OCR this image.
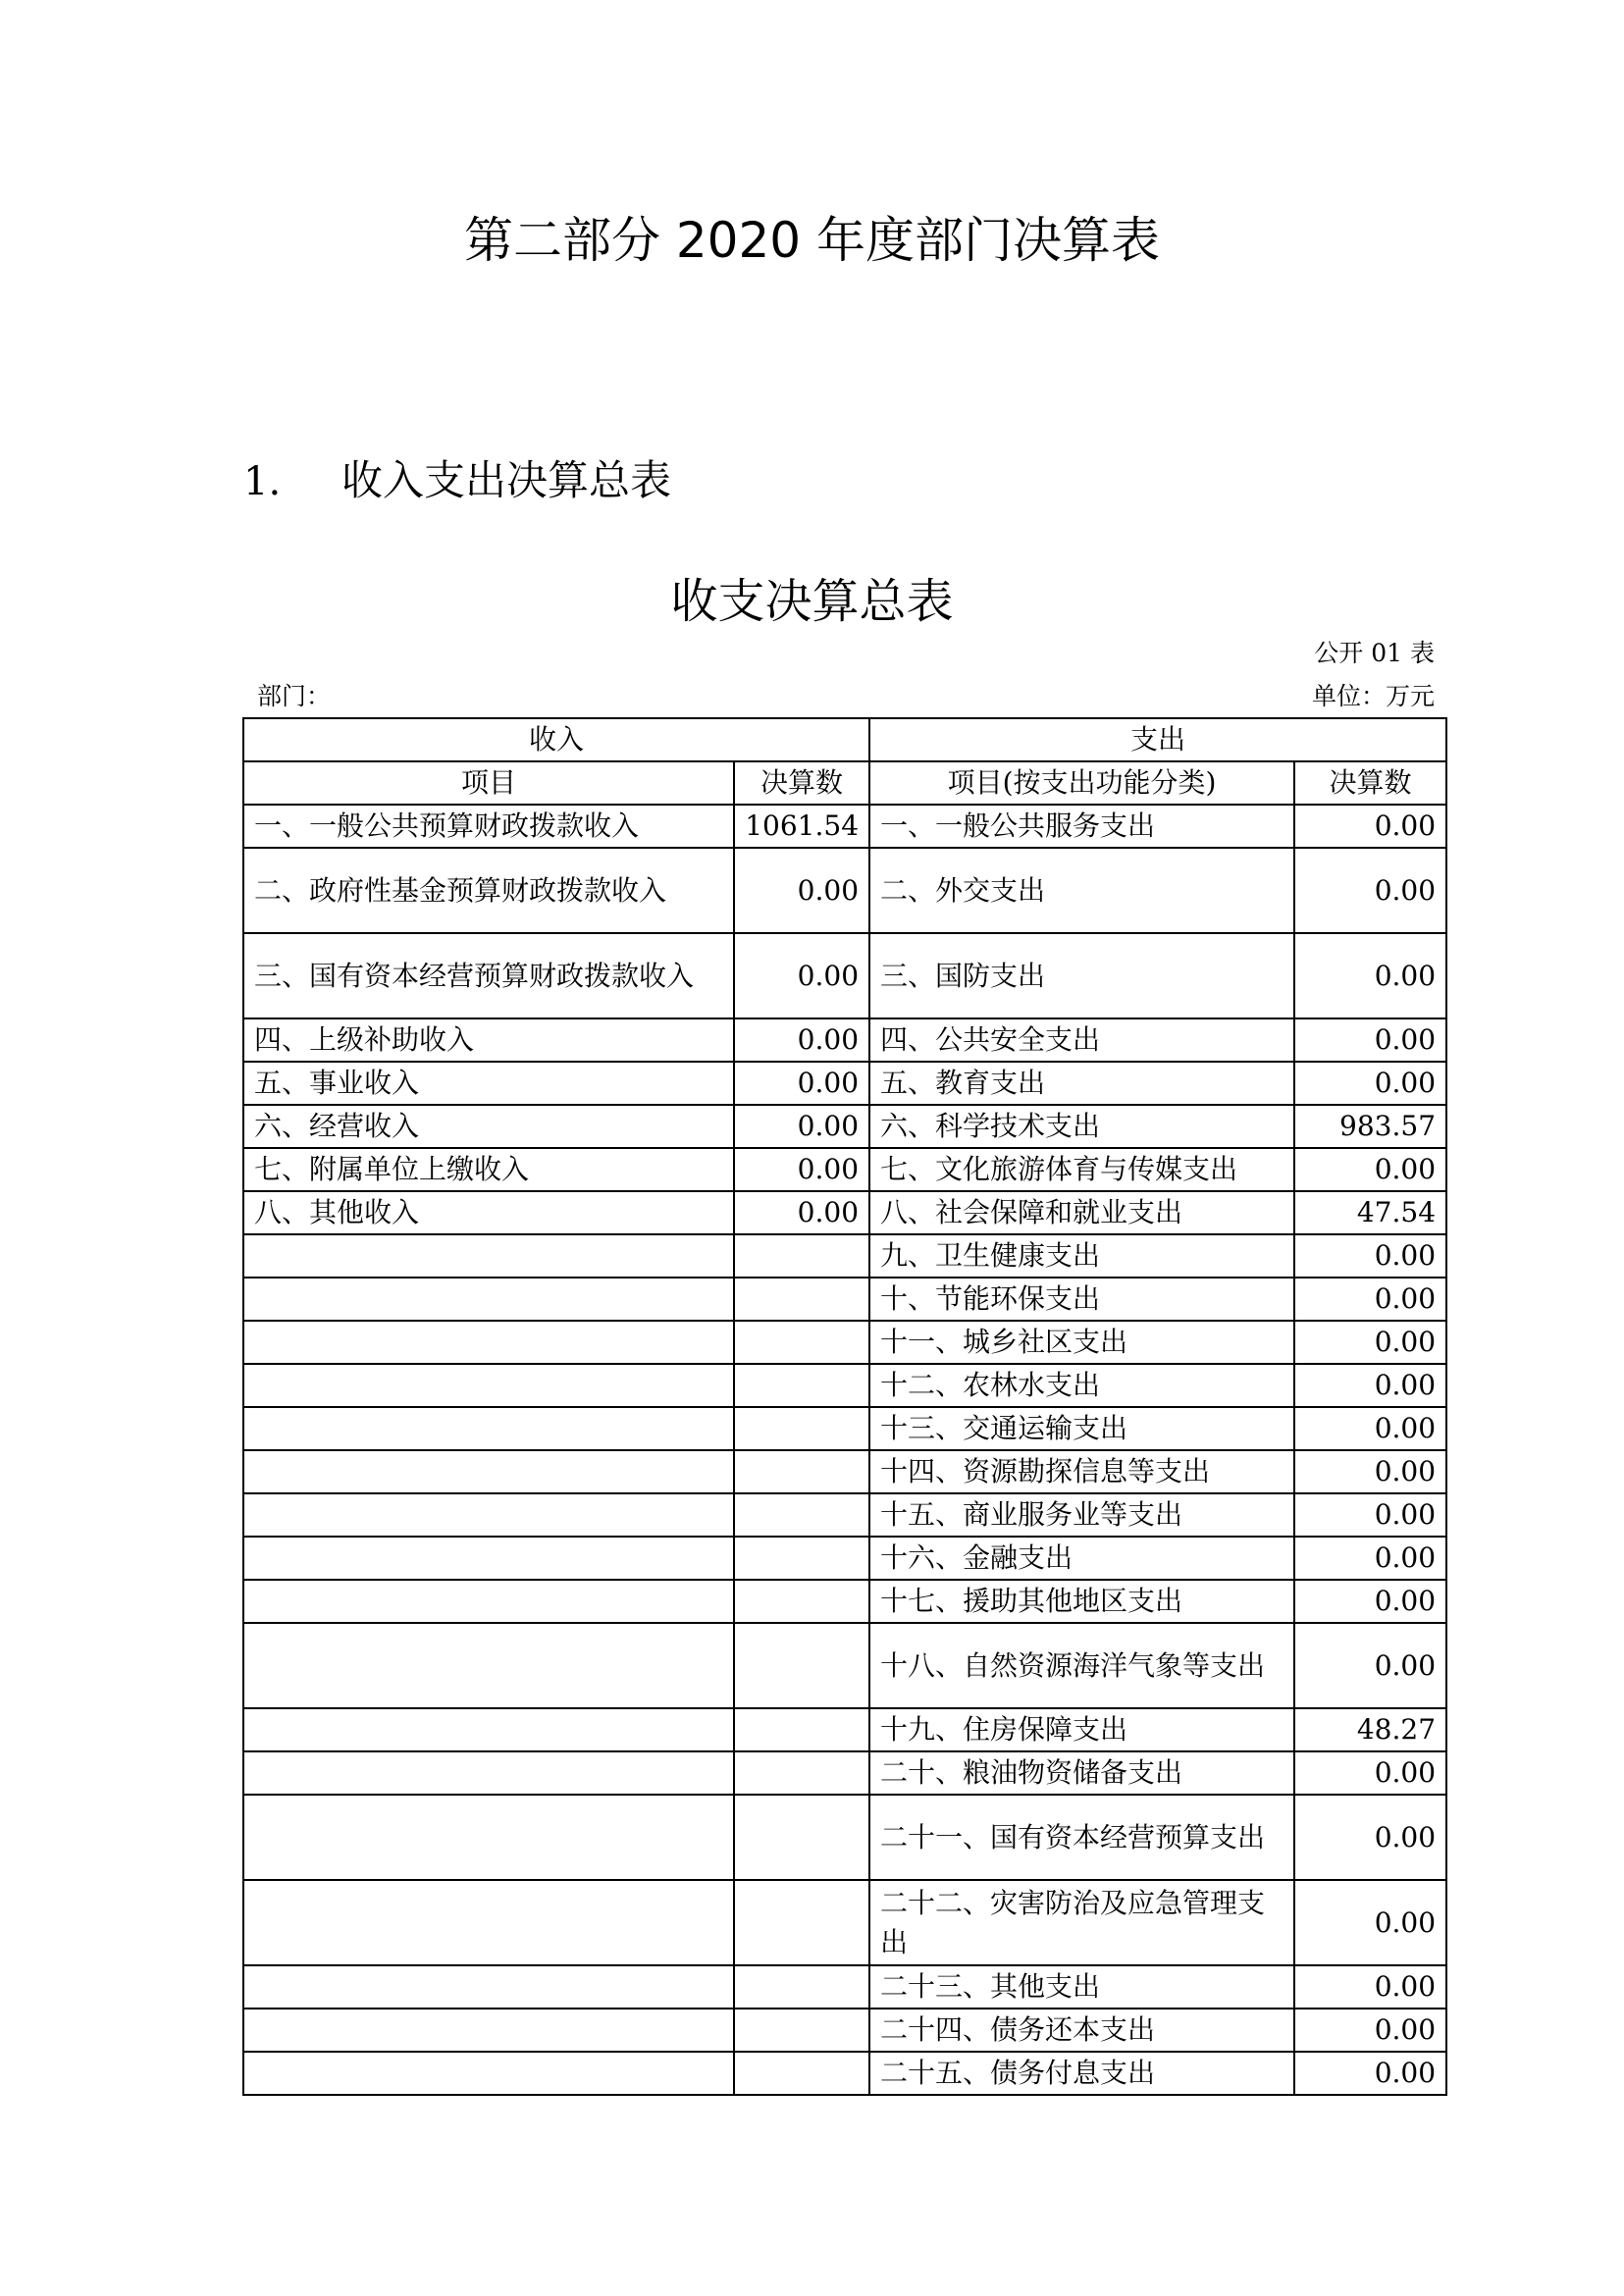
第二部分 2020 年度部门决算表
1. 收入支出决算总表
收支决算总表
公开 01 表
部门：	单位：万元
收入		支出	
项目	决算数	项目(按支出功能分类)	决算数
一、一般公共预算财政拨款收入	1061.54	一、一般公共服务支出	0.00
二、政府性基金预算财政拨款收入	0.00	二、外交支出	0.00
三、国有资本经营预算财政拨款收入	0.00	三、国防支出	0.00
四、上级补助收入	0.00	四、公共安全支出	0.00
五、事业收入	0.00	五、教育支出	0.00
六、经营收入	0.00	六、科学技术支出	983.57
七、附属单位上缴收入	0.00	七、文化旅游体育与传媒支出	0.00
八、其他收入	0.00	八、社会保障和就业支出	47.54
		九、卫生健康支出	0.00
		十、节能环保支出	0.00
		十一、城乡社区支出	0.00
		十二、农林水支出	0.00
		十三、交通运输支出	0.00
		十四、资源勘探信息等支出	0.00
		十五、商业服务业等支出	0.00
		十六、金融支出	0.00
		十七、援助其他地区支出	0.00
		十八、自然资源海洋气象等支出	0.00
		十九、住房保障支出	48.27
		二十、粮油物资储备支出	0.00
		二十一、国有资本经营预算支出	0.00
		二十二、灾害防治及应急管理支出	0.00
		二十三、其他支出	0.00
		二十四、债务还本支出	0.00
		二十五、债务付息支出	0.00
